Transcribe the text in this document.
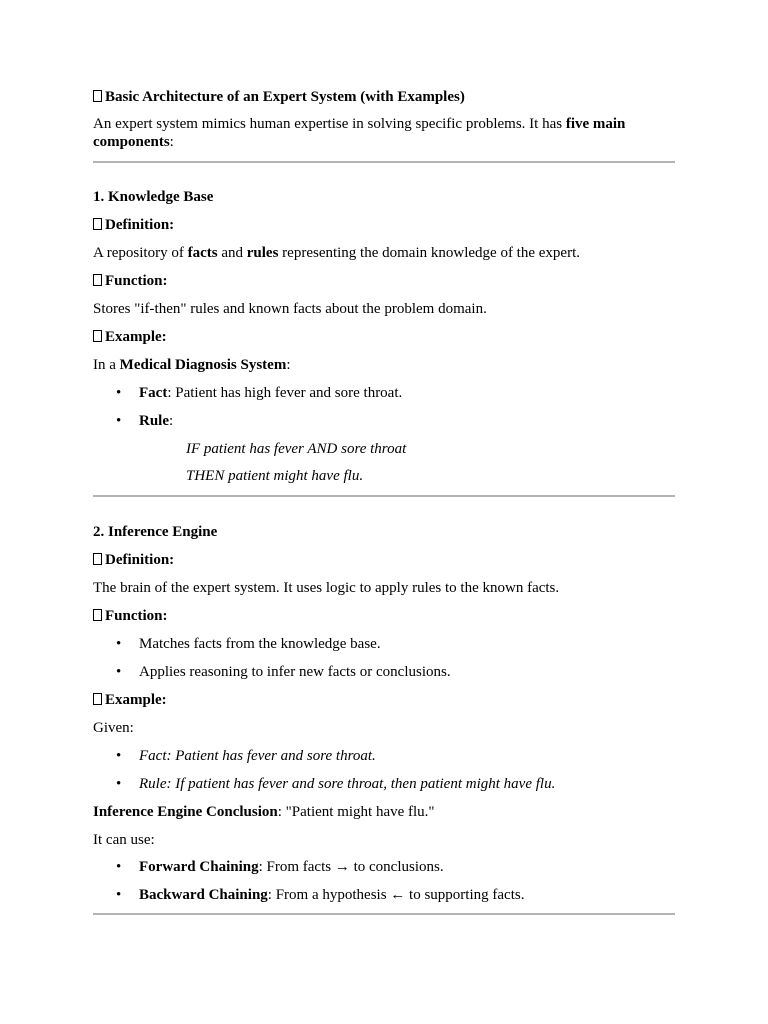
Basic Architecture of an Expert System (with Examples)
An expert system mimics human expertise in solving specific problems. It has five main
components:
1. Knowledge Base
Definition:
A repository of facts and rules representing the domain knowledge of the expert.
Function:
Stores "if-then" rules and known facts about the problem domain.
Example:
In a Medical Diagnosis System:
• Fact: Patient has high fever and sore throat.
• Rule:
IF patient has fever AND sore throat
THEN patient might have flu.
2. Inference Engine
Definition:
The brain of the expert system. It uses logic to apply rules to the known facts.
Function:
• Matches facts from the knowledge base.
• Applies reasoning to infer new facts or conclusions.
Example:
Given:
• Fact: Patient has fever and sore throat.
• Rule: If patient has fever and sore throat, then patient might have flu.
Inference Engine Conclusion: "Patient might have flu."
It can use:
• Forward Chaining: From facts → to conclusions.
• Backward Chaining: From a hypothesis ← to supporting facts.
